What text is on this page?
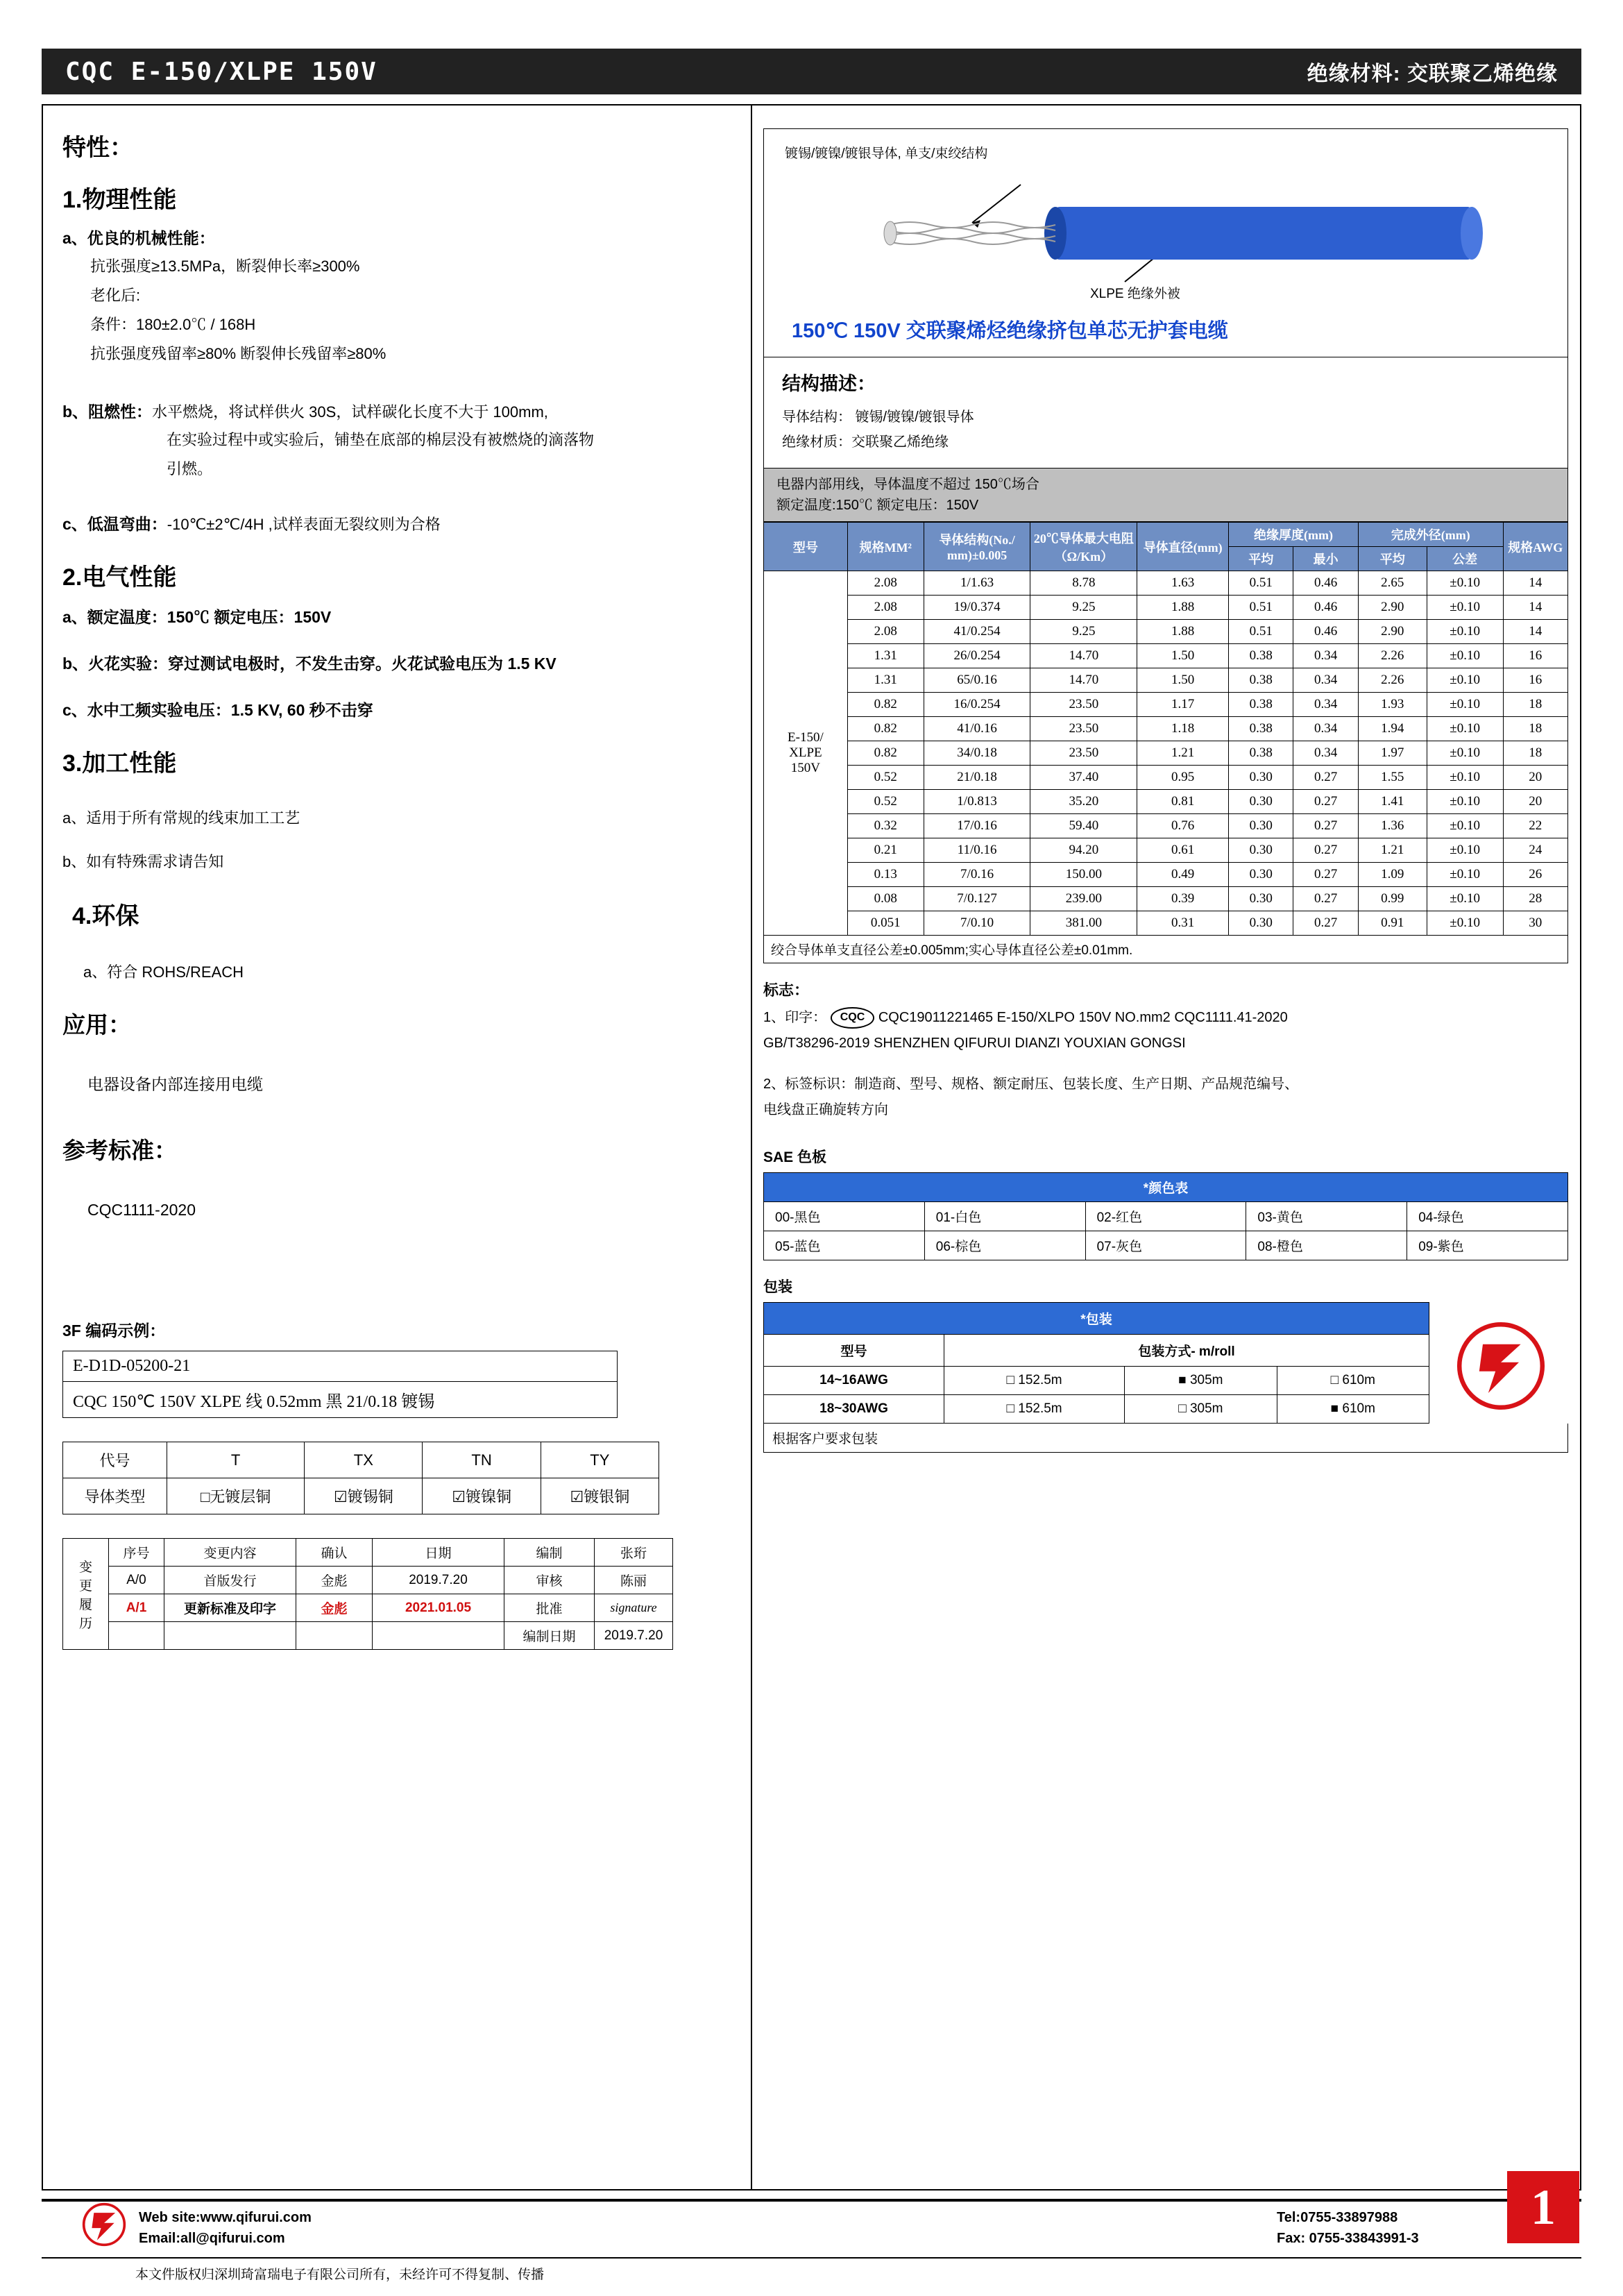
CQC E-150/XLPE 150V	绝缘材料: 交联聚乙烯绝缘
特性：
1.物理性能
a、优良的机械性能：
抗张强度≥13.5MPa，断裂伸长率≥300%
老化后:
条件：180±2.0℃ / 168H
抗张强度残留率≥80% 断裂伸长残留率≥80%
b、阻燃性：水平燃烧，将试样供火 30S，试样碳化长度不大于 100mm,
在实验过程中或实验后，铺垫在底部的棉层没有被燃烧的滴落物
引燃。
c、低温弯曲：-10℃±2℃/4H ,试样表面无裂纹则为合格
2.电气性能
a、额定温度：150℃ 额定电压：150V
b、火花实验：穿过测试电极时，不发生击穿。火花试验电压为 1.5 KV
c、水中工频实验电压：1.5 KV, 60 秒不击穿
3.加工性能
a、适用于所有常规的线束加工工艺
b、如有特殊需求请告知
4.环保
a、符合 ROHS/REACH
应用：
电器设备内部连接用电缆
参考标准：
CQC1111-2020
3F 编码示例：
E-D1D-05200-21
CQC 150℃ 150V XLPE 线 0.52mm 黑 21/0.18 镀锡
代号	T	TX	TN	TY
导体类型	□无镀层铜	☑镀锡铜	☑镀镍铜	☑镀银铜
变
更
履
历	序号	变更内容	确认	日期	编制	张珩
	A/0	首版发行	金彪	2019.7.20	审核	陈丽
	A/1	更新标准及印字	金彪	2021.01.05	批准	signature
					编制日期	2019.7.20
镀锡/镀镍/镀银导体, 单支/束绞结构
XLPE 绝缘外被
150℃ 150V 交联聚烯烃绝缘挤包单芯无护套电缆
结构描述：
导体结构： 镀锡/镀镍/镀银导体
绝缘材质：交联聚乙烯绝缘
电器内部用线，导体温度不超过 150℃场合
额定温度:150℃ 额定电压：150V
型号	规格MM²	导体结构(No./ mm)±0.005	20℃导体最大电阻（Ω/Km）	导体直径(mm)	绝缘厚度(mm)		完成外径(mm)		规格AWG
					平均	最小	平均	公差	
E-150/
XLPE
150V	2.08	1/1.63	8.78	1.63	0.51	0.46	2.65	±0.10	14
	2.08	19/0.374	9.25	1.88	0.51	0.46	2.90	±0.10	14
	2.08	41/0.254	9.25	1.88	0.51	0.46	2.90	±0.10	14
	1.31	26/0.254	14.70	1.50	0.38	0.34	2.26	±0.10	16
	1.31	65/0.16	14.70	1.50	0.38	0.34	2.26	±0.10	16
	0.82	16/0.254	23.50	1.17	0.38	0.34	1.93	±0.10	18
	0.82	41/0.16	23.50	1.18	0.38	0.34	1.94	±0.10	18
	0.82	34/0.18	23.50	1.21	0.38	0.34	1.97	±0.10	18
	0.52	21/0.18	37.40	0.95	0.30	0.27	1.55	±0.10	20
	0.52	1/0.813	35.20	0.81	0.30	0.27	1.41	±0.10	20
	0.32	17/0.16	59.40	0.76	0.30	0.27	1.36	±0.10	22
	0.21	11/0.16	94.20	0.61	0.30	0.27	1.21	±0.10	24
	0.13	7/0.16	150.00	0.49	0.30	0.27	1.09	±0.10	26
	0.08	7/0.127	239.00	0.39	0.30	0.27	0.99	±0.10	28
	0.051	7/0.10	381.00	0.31	0.30	0.27	0.91	±0.10	30
绞合导体单支直径公差±0.005mm;实心导体直径公差±0.01mm.
标志：
1、印字： CQC CQC19011221465 E-150/XLPO 150V NO.mm2 CQC1111.41-2020
GB/T38296-2019 SHENZHEN QIFURUI DIANZI YOUXIAN GONGSI
2、标签标识：制造商、型号、规格、额定耐压、包装长度、生产日期、产品规范编号、
电线盘正确旋转方向
SAE 色板
*颜色表				
00-黑色	01-白色	02-红色	03-黄色	04-绿色
05-蓝色	06-棕色	07-灰色	08-橙色	09-紫色
包装
*包装			
型号	包装方式- m/roll		
14~16AWG	□ 152.5m	■ 305m	□ 610m
18~30AWG	□ 152.5m	□ 305m	■ 610m
根据客户要求包装
Web site:www.qifurui.com
Email:all@qifurui.com
Tel:0755-33897988
Fax: 0755-33843991-3
1
本文件版权归深圳琦富瑞电子有限公司所有，未经许可不得复制、传播
